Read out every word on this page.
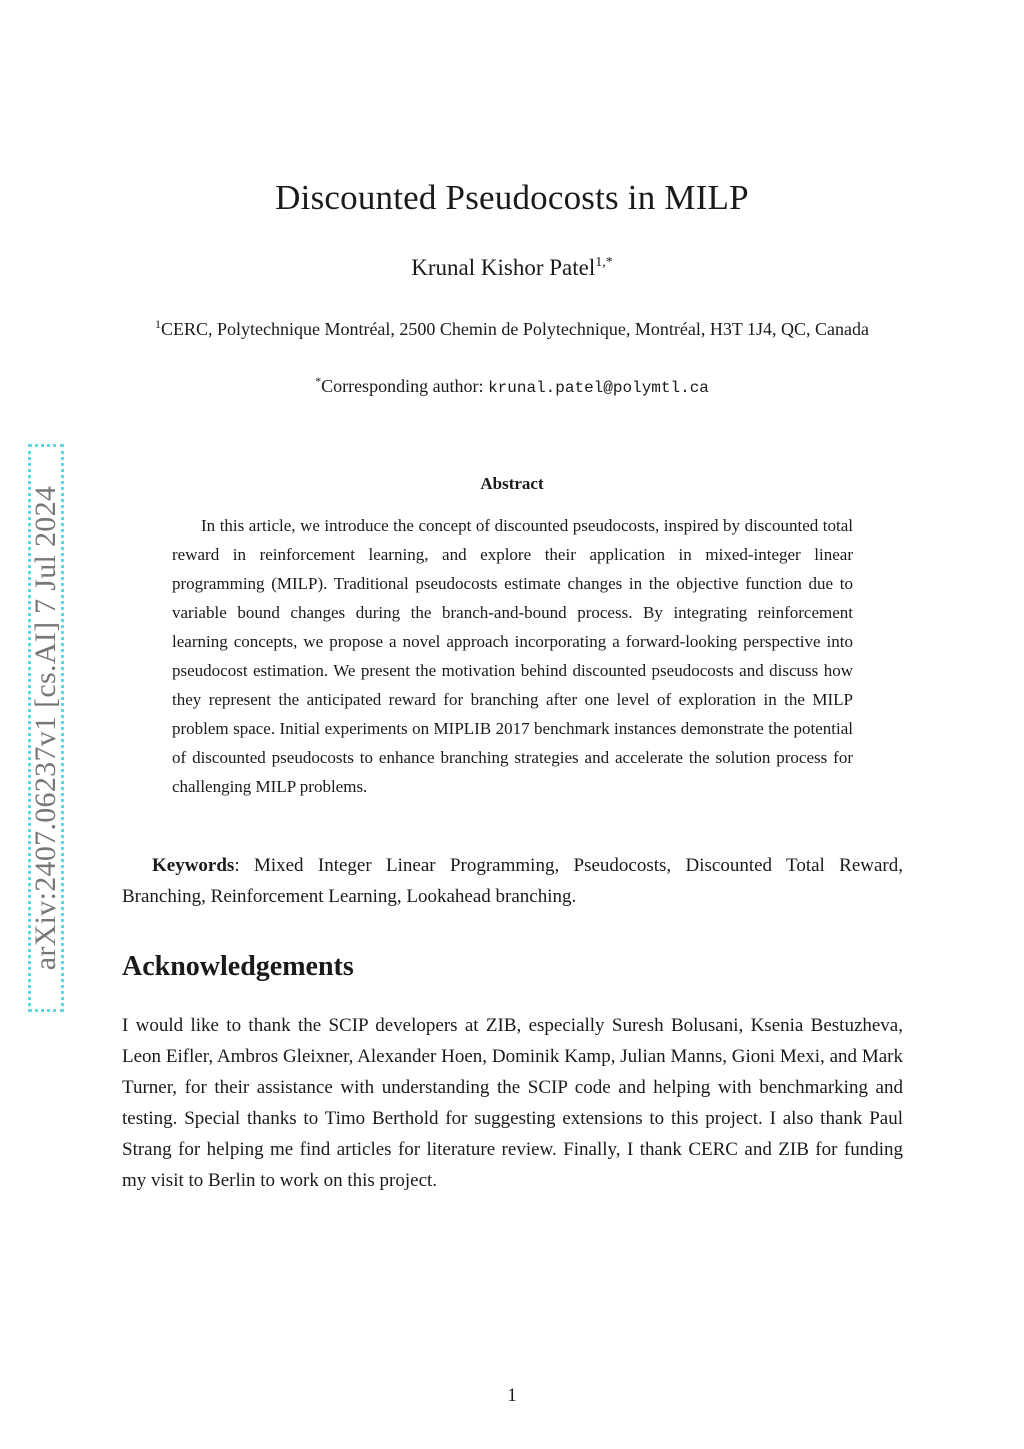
Discounted Pseudocosts in MILP
Krunal Kishor Patel$^{1,*}$
$^1$CERC, Polytechnique Montréal, 2500 Chemin de Polytechnique, Montréal, H3T 1J4, QC, Canada
*Corresponding author: krunal.patel@polymtl.ca
arXiv:2407.06237v1 [cs.AI] 7 Jul 2024
Abstract

In this article, we introduce the concept of discounted pseudocosts, inspired by discounted total reward in reinforcement learning, and explore their application in mixed-integer linear programming (MILP). Traditional pseudocosts estimate changes in the objective function due to variable bound changes during the branch-and-bound process. By integrating reinforcement learning concepts, we propose a novel approach incorporating a forward-looking perspective into pseudocost estimation. We present the motivation behind discounted pseudocosts and discuss how they represent the anticipated reward for branching after one level of exploration in the MILP problem space. Initial experiments on MIPLIB 2017 benchmark instances demonstrate the potential of discounted pseudocosts to enhance branching strategies and accelerate the solution process for challenging MILP problems.

Keywords: Mixed Integer Linear Programming, Pseudocosts, Discounted Total Reward, Branching, Reinforcement Learning, Lookahead branching.

Acknowledgements

I would like to thank the SCIP developers at ZIB, especially Suresh Bolusani, Ksenia Bestuzheva, Leon Eifler, Ambros Gleixner, Alexander Hoen, Dominik Kamp, Julian Manns, Gioni Mexi, and Mark Turner, for their assistance with understanding the SCIP code and helping with benchmarking and testing. Special thanks to Timo Berthold for suggesting extensions to this project. I also thank Paul Strang for helping me find articles for literature review. Finally, I thank CERC and ZIB for funding my visit to Berlin to work on this project.

1
